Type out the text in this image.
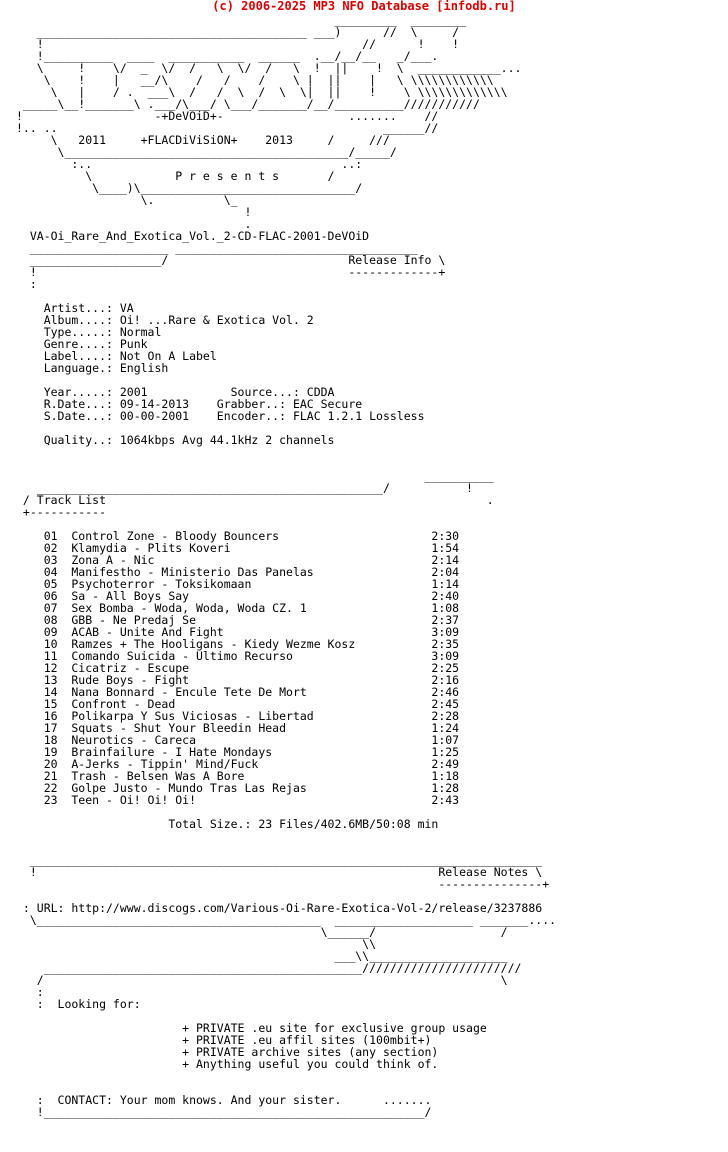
(c) 2006-2025 MP3 NFO Database [infodb.ru]
_________  ________
_______________________________________ ___)      //  \     /
!                                              //      !    !
!__________  ____  ___________  ______  .__/__/__   _/___.
\     !    \/  _  \/  /   \  \/  /   \  !  ||    !  \  ____________...
\    !    |   __/\    /   /    /    \ |  ||    |   \ \\\\\\\\\\\\
\   |    / .  ___\  /   /  \  /  \  \|  ||    !    \ \\\\\\\\\\\\\
_____\__!_______\ .___/\___/ \___/_______/__/__________///////////
!                   -+DeVOiD+-                  .......    //
!.. ..                                               ______//
\   2011     +FLACDiViSiON+    2013     /     ///
\_________________________________________/_____/
:..                                    ..:
\            P r e s e n t s       /
\____)\_______________________________/
\.          \_
!
.
VA-Oi_Rare_And_Exotica_Vol._2-CD-FLAC-2001-DeVOiD
____________________ ___________________________________
___________________/                          Release Info \
!                                             -------------+
:

Artist...: VA
Album....: Oi! ...Rare & Exotica Vol. 2
Type.....: Normal
Genre....: Punk
Label....: Not On A Label
Language.: English

Year.....: 2001            Source...: CDDA
R.Date...: 09-14-2013    Grabber..: EAC Secure
S.Date...: 00-00-2001    Encoder..: FLAC 1.2.1 Lossless

Quality..: 1064kbps Avg 44.1kHz 2 channels

__________
__________________________________________________/           !
/ Track List                                                       .
+-----------

01  Control Zone - Bloody Bouncers                      2:30
02  Klamydia - Plits Koveri                             1:54
03  Zona A - Nic                                        2:14
04  Manifestho - Ministerio Das Panelas                 2:04
05  Psychoterror - Toksikomaan                          1:14
06  Sa - All Boys Say                                   2:40
07  Sex Bomba - Woda, Woda, Woda CZ. 1                  1:08
08  GBB - Ne Predaj Se                                  2:37
09  ACAB - Unite And Fight                              3:09
10  Ramzes + The Hooligans - Kiedy Wezme Kosz           2:35
11  Comando Suicida - Ultimo Recurso                    3:09
12  Cicatriz - Escupe                                   2:25
13  Rude Boys - Fight                                   2:16
14  Nana Bonnard - Encule Tete De Mort                  2:46
15  Confront - Dead                                     2:45
16  Polikarpa Y Sus Viciosas - Libertad                 2:28
17  Squats - Shut Your Bleedin Head                     1:24
18  Neurotics - Careca                                  1:07
19  Brainfailure - I Hate Mondays                       1:25
20  A-Jerks - Tippin' Mind/Fuck                         2:49
21  Trash - Belsen Was A Bore                           1:18
22  Golpe Justo - Mundo Tras Las Rejas                  1:28
23  Teen - Oi! Oi! Oi!                                  2:43

Total Size.: 23 Files/402.6MB/50:08 min

__________________________________________________________________________
!                                                          Release Notes \
---------------+

: URL: http://www.discogs.com/Various-Oi-Rare-Exotica-Vol-2/release/3237886
\_________________________________________  ____________________ _______....
\______/                  /
\\
___\\____________________
______________________________________________///////////////////////
/                                                                  \
:
:  Looking for:

+ PRIVATE .eu site for exclusive group usage
+ PRIVATE .eu affil sites (100mbit+)
+ PRIVATE archive sites (any section)
+ Anything useful you could think of.

:  CONTACT: Your mom knows. And your sister.      .......
!_______________________________________________________/
